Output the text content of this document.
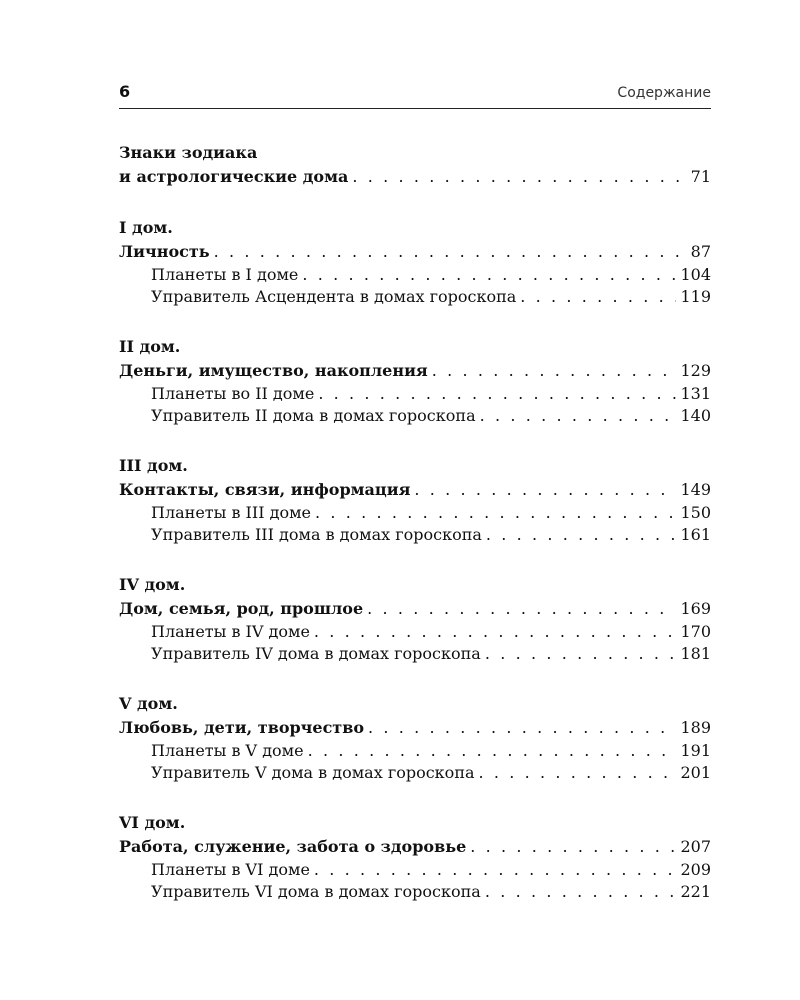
6	Содержание
Знаки зодиака
и астрологические дома . . .	71
I дом.
Личность . . .	87
Планеты в I доме . . .	104
Управитель Асцендента в домах гороскопа . . .	119
II дом.
Деньги, имущество, накопления . . .	129
Планеты во II доме . . .	131
Управитель II дома в домах гороскопа . . .	140
III дом.
Контакты, связи, информация . . .	149
Планеты в III доме . . .	150
Управитель III дома в домах гороскопа . . .	161
IV дом.
Дом, семья, род, прошлое . . .	169
Планеты в IV доме . . .	170
Управитель IV дома в домах гороскопа . . .	181
V дом.
Любовь, дети, творчество . . .	189
Планеты в V доме . . .	191
Управитель V дома в домах гороскопа . . .	201
VI дом.
Работа, служение, забота о здоровье . . .	207
Планеты в VI доме . . .	209
Управитель VI дома в домах гороскопа . . .	221
